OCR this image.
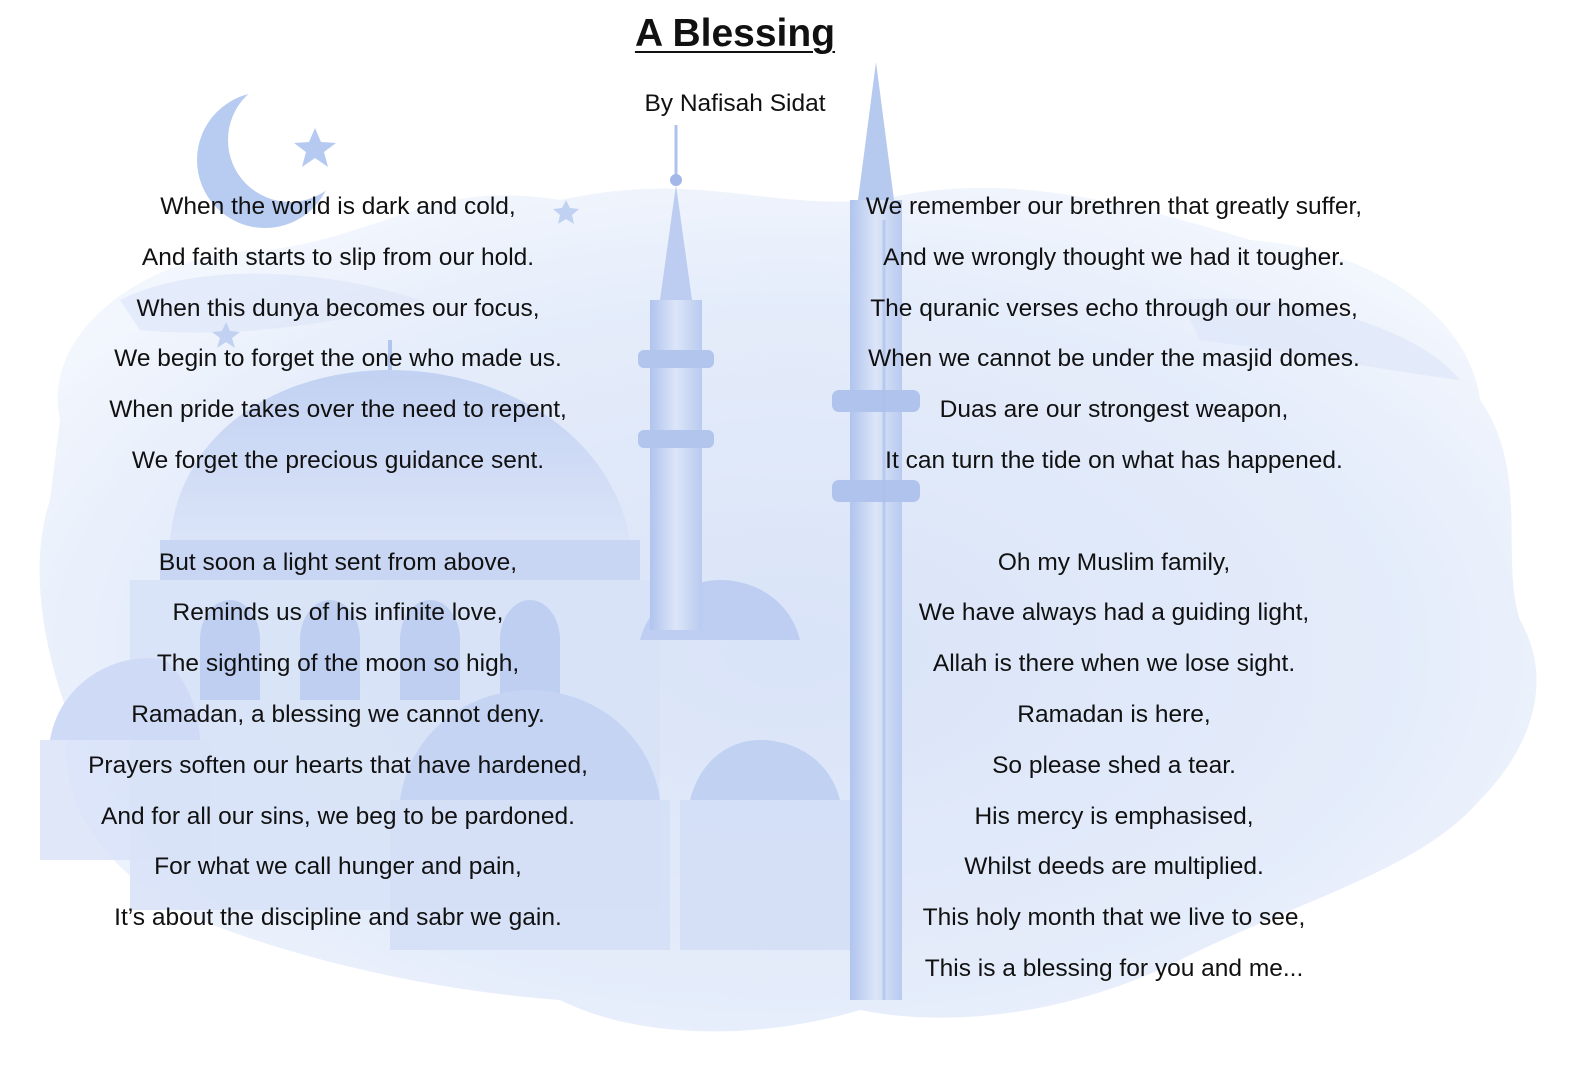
A Blessing

By Nafisah Sidat

When the world is dark and cold,
And faith starts to slip from our hold.
When this dunya becomes our focus,
We begin to forget the one who made us.
When pride takes over the need to repent,
We forget the precious guidance sent.
But soon a light sent from above,
Reminds us of his infinite love,
The sighting of the moon so high,
Ramadan, a blessing we cannot deny.
Prayers soften our hearts that have hardened,
And for all our sins, we beg to be pardoned.
For what we call hunger and pain,
It’s about the discipline and sabr we gain.
We remember our brethren that greatly suffer,
And we wrongly thought we had it tougher.
The quranic verses echo through our homes,
When we cannot be under the masjid domes.
Duas are our strongest weapon,
It can turn the tide on what has happened.
Oh my Muslim family,
We have always had a guiding light,
Allah is there when we lose sight.
Ramadan is here,
So please shed a tear.
His mercy is emphasised,
Whilst deeds are multiplied.
This holy month that we live to see,
This is a blessing for you and me...
